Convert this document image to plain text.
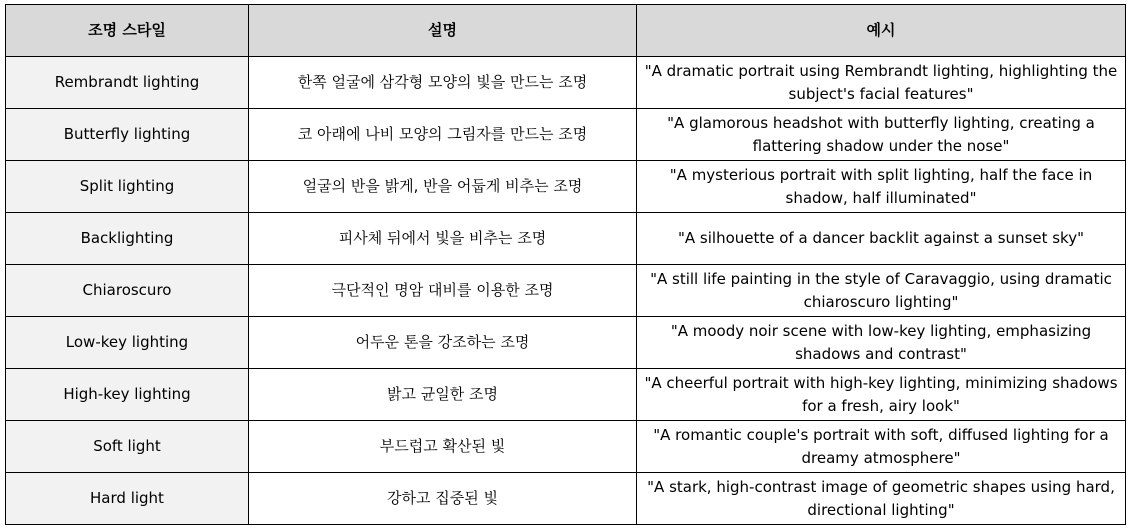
조명 스타일	설명	예시
Rembrandt lighting	한쪽 얼굴에 삼각형 모양의 빛을 만드는 조명	"A dramatic portrait using Rembrandt lighting, highlighting the subject's facial features"
Butterfly lighting	코 아래에 나비 모양의 그림자를 만드는 조명	"A glamorous headshot with butterfly lighting, creating a flattering shadow under the nose"
Split lighting	얼굴의 반을 밝게, 반을 어둡게 비추는 조명	"A mysterious portrait with split lighting, half the face in shadow, half illuminated"
Backlighting	피사체 뒤에서 빛을 비추는 조명	"A silhouette of a dancer backlit against a sunset sky"
Chiaroscuro	극단적인 명암 대비를 이용한 조명	"A still life painting in the style of Caravaggio, using dramatic chiaroscuro lighting"
Low-key lighting	어두운 톤을 강조하는 조명	"A moody noir scene with low-key lighting, emphasizing shadows and contrast"
High-key lighting	밝고 균일한 조명	"A cheerful portrait with high-key lighting, minimizing shadows for a fresh, airy look"
Soft light	부드럽고 확산된 빛	"A romantic couple's portrait with soft, diffused lighting for a dreamy atmosphere"
Hard light	강하고 집중된 빛	"A stark, high-contrast image of geometric shapes using hard, directional lighting"
